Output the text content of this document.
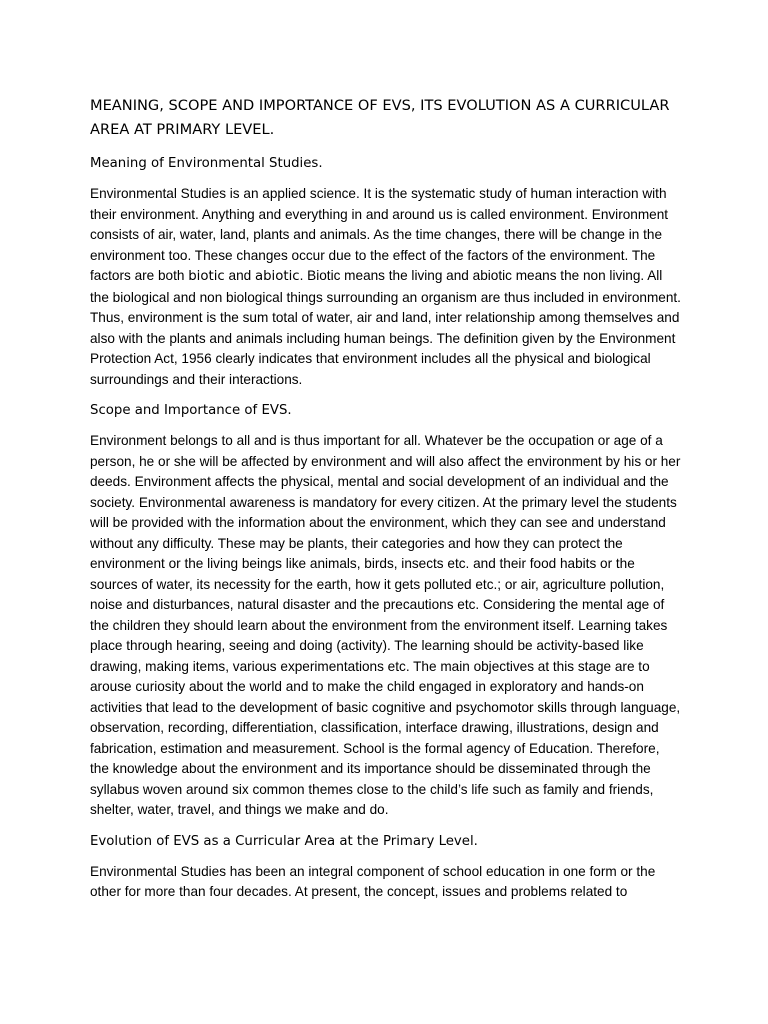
MEANING, SCOPE AND IMPORTANCE OF EVS, ITS EVOLUTION AS A CURRICULAR AREA AT PRIMARY LEVEL.
Meaning of Environmental Studies.

Environmental Studies is an applied science. It is the systematic study of human interaction with their environment. Anything and everything in and around us is called environment. Environment consists of air, water, land, plants and animals. As the time changes, there will be change in the environment too. These changes occur due to the effect of the factors of the environment. The factors are both biotic and abiotic. Biotic means the living and abiotic means the non living. All the biological and non biological things surrounding an organism are thus included in environment. Thus, environment is the sum total of water, air and land, inter relationship among themselves and also with the plants and animals including human beings. The definition given by the Environment Protection Act, 1956 clearly indicates that environment includes all the physical and biological surroundings and their interactions.

Scope and Importance of EVS.

Environment belongs to all and is thus important for all. Whatever be the occupation or age of a person, he or she will be affected by environment and will also affect the environment by his or her deeds. Environment affects the physical, mental and social development of an individual and the society. Environmental awareness is mandatory for every citizen. At the primary level the students will be provided with the information about the environment, which they can see and understand without any difficulty. These may be plants, their categories and how they can protect the environment or the living beings like animals, birds, insects etc. and their food habits or the sources of water, its necessity for the earth, how it gets polluted etc.; or air, agriculture pollution, noise and disturbances, natural disaster and the precautions etc. Considering the mental age of the children they should learn about the environment from the environment itself. Learning takes place through hearing, seeing and doing (activity). The learning should be activity-based like drawing, making items, various experimentations etc. The main objectives at this stage are to arouse curiosity about the world and to make the child engaged in exploratory and hands-on activities that lead to the development of basic cognitive and psychomotor skills through language, observation, recording, differentiation, classification, interface drawing, illustrations, design and fabrication, estimation and measurement. School is the formal agency of Education. Therefore, the knowledge about the environment and its importance should be disseminated through the syllabus woven around six common themes close to the child’s life such as family and friends, shelter, water, travel, and things we make and do.

Evolution of EVS as a Curricular Area at the Primary Level.

Environmental Studies has been an integral component of school education in one form or the other for more than four decades. At present, the concept, issues and problems related to
